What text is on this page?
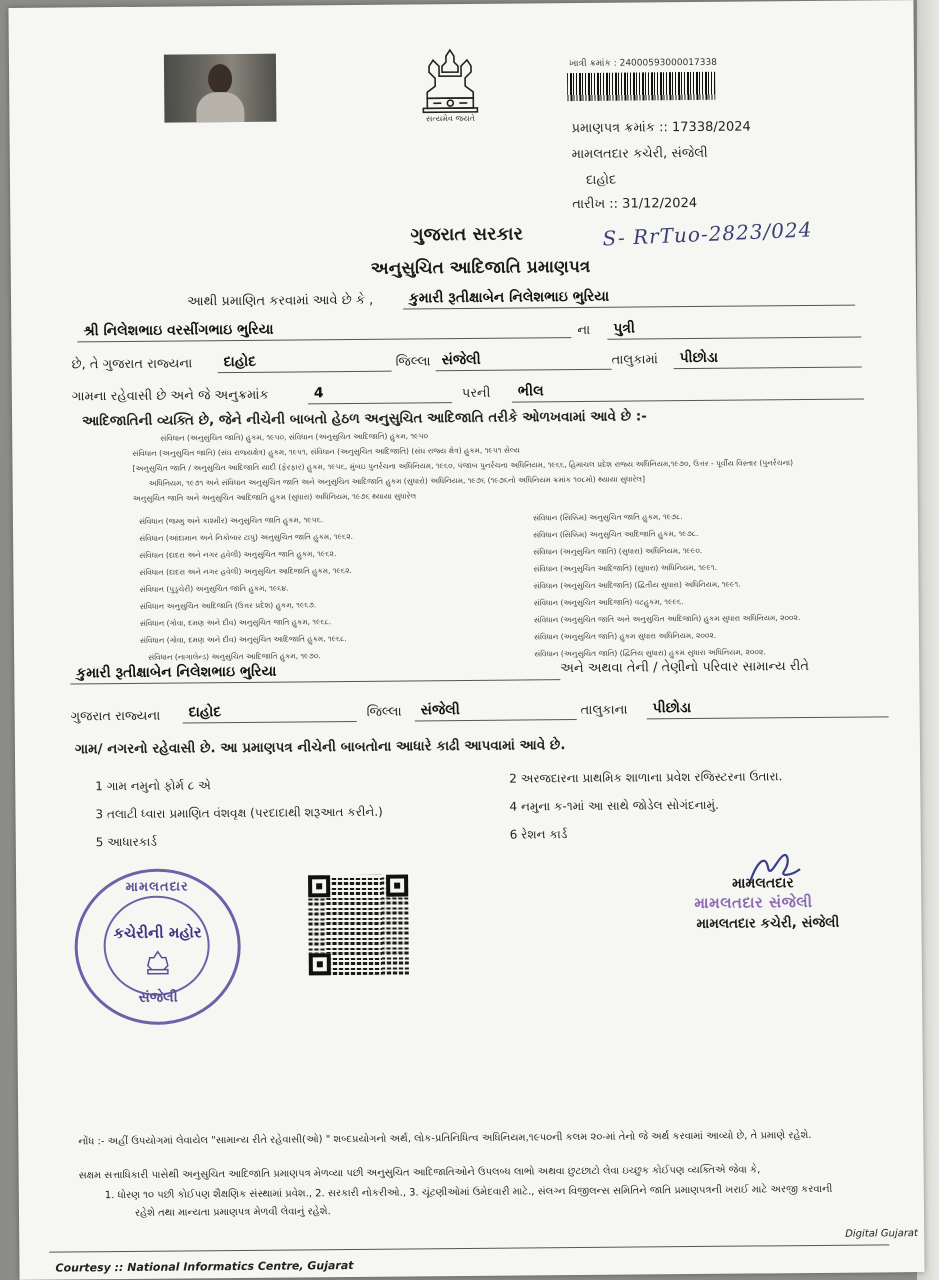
સત્યમેવ જયતે
ખાત્રી ક્રમાંક : 24000593000017338
પ્રમાણપત્ર ક્રમાંક :: 17338/2024
મામલતદાર કચેરી, સંજેલી
દાહોદ
તારીખ :: 31/12/2024
S- RrTuo-2823/024
ગુજરાત સરકાર
અનુસુચિત આદિજાતિ પ્રમાણપત્ર
આથી પ્રમાણિત કરવામાં આવે છે કે ,	કુમારી રૂતીક્ષાબેન નિલેશભાઇ ભુરિયા
શ્રી નિલેશભાઇ વરસીંગભાઇ ભુરિયા	ના	પુત્રી
છે, તે ગુજરાત રાજ્યના	દાહોદ	જિલ્લા સંજેલી	તાલુકામાં	પીછોડા
ગામના રહેવાસી છે અને જે અનુક્રમાંક	4	પરની	ભીલ
આદિજાતિની વ્યક્તિ છે, જેને નીચેની બાબતો હેઠળ અનુસુચિત આદિજાતિ તરીકે ઓળખવામાં આવે છે :-
સંવિધાન (અનુસુચિત જાતિ) હુકમ, ૧૯૫૦, સંવિધાન (અનુસુચિત આદિજાતિ) હુકમ, ૧૯૫૦
સંવિધાન (અનુસુચિત જાતિ) (સંઘ રાજ્યક્ષેત્ર) હુકમ, ૧૯૫૧, સંવિધાન (અનુસુચિત આદિજાતિ) (સંઘ રાજ્ય ક્ષેત્ર) હુકમ, ૧૯૫૧ સેલ્ય
[અનુસુચિત જાતિ / અનુસુચિત આદિજાતિ યાદી (ફેરફાર) હુકમ, ૧૯૫૬, મુંબઇ પુનર્રચના અધિનિયમ, ૧૯૬૦, પંજાબ પુનર્રચના અધિનિયમ, ૧૯૬૬, હિમાચલ પ્રદેશ રાજ્ય અધિનિયમ,૧૯૭૦, ઉત્તર - પૂર્વીય વિસ્તાર (પુનર્રચના)
અધિનિયમ, ૧૯૭૧ અને સંવિધાન અનુસુચિત જાતિ અને અનુસુચિત આદિજાતિ હુકમ (સુધારો) અધિનિયમ, ૧૯૭૬ (૧૯૭૬નો અધિનિયમ ક્રમાંક ૧૦૮મો) થ્યાયા સુધારેલ]
અનુસુચિત જાતિ અને અનુસુચિત આદિજાતિ હુકમ (સુધારા) અધિનિયમ, ૧૯૭૬ થ્યાયા સુધારેલ
સંવિધાન (જમ્મુ અને કાશ્મીર) અનુસુચિત જાતિ હુકમ, ૧૯૫૬.
સંવિધાન (આંદામાન અને નિકોબાર ટાપુ) અનુસુચિત જાતિ હુકમ, ૧૯૬૨.
સંવિધાન (દાદરા અને નગર હવેલી) અનુસુચિત જાતિ હુકમ, ૧૯૬૨.
સંવિધાન (દાદરા અને નગર હવેલી) અનુસુચિત આદિજાતિ હુકમ, ૧૯૬૨.
સંવિધાન (પુડુચેરી) અનુસુચિત જાતિ હુકમ, ૧૯૬૪.
સંવિધાન અનુસુચિત આદિજાતિ (ઉત્તર પ્રદેશ) હુકમ, ૧૯૬૭.
સંવિધાન (ગોવા, દમણ અને દીવ) અનુસુચિત જાતિ હુકમ, ૧૯૬૮.
સંવિધાન (ગોવા, દમણ અને દીવ) અનુસુચિત આદિજાતિ હુકમ, ૧૯૬૮.
સંવિધાન (નાગાલેન્ડ) અનુસુચિત આદિજાતિ હુકમ, ૧૯૭૦.
સંવિધાન (સિક્કિમ) અનુસુચિત જાતિ હુકમ, ૧૯૭૮.
સંવિધાન (સિક્કિમ) અનુસુચિત આદિજાતિ હુકમ, ૧૯૭૮.
સંવિધાન (અનુસુચિત જાતિ) (સુધારા) અધિનિયમ, ૧૯૯૦.
સંવિધાન (અનુસુચિત આદિજાતિ) (સુધારા) અધિનિયમ, ૧૯૯૧.
સંવિધાન (અનુસુચિત આદિજાતિ) (દ્વિતીય સુધારા) અધિનિયમ, ૧૯૯૧.
સંવિધાન (અનુસુચિત આદિજાતિ) વટહુકમ, ૧૯૯૬.
સંવિધાન (અનુસુચિત જાતિ અને અનુસુચિત આદિજાતિ) હુકમ સુધારા અધિનિયમ, ૨૦૦૨.
સંવિધાન (અનુસુચિત જાતિ) હુકમ સુધારા અધિનિયમ, ૨૦૦૨.
સંવિધાન (અનુસુચિત જાતિ) (દ્વિતિય સુધારા) હુકમ સુધારા અધિનિયમ, ૨૦૦૨.
કુમારી રૂતીક્ષાબેન નિલેશભાઇ ભુરિયા	અને અથવા તેની / તેણીનો પરિવાર સામાન્ય રીતે
ગુજરાત રાજ્યના	દાહોદ	જિલ્લા	સંજેલી	તાલુકાના	પીછોડા
ગામ/ નગરનો રહેવાસી છે. આ પ્રમાણપત્ર નીચેની બાબતોના આધારે કાઢી આપવામાં આવે છે.
1 ગામ નમુનો ફોર્મ ૮ એ
2 અરજદારના પ્રાથમિક શાળાના પ્રવેશ રજિસ્ટરના ઉતારા.
3 તલાટી ધ્વારા પ્રમાણિત વંશવૃક્ષ (પરદાદાથી શરૂઆત કરીને.)	4 નમુના ક-૧માં આ સાથે જોડેલ સોગંદનામું.
5 આધારકાર્ડ
6 રેશન કાર્ડ
મામલતદાર
કચેરીની મહોર
સંજેલી
મામલતદાર
મામલતદાર સંજેલી
મામલતદાર કચેરી, સંજેલી
નોંધ :- અહીં ઉપયોગમાં લેવાયેલ "સામાન્ય રીતે રહેવાસી(ઓ) " શબ્દપ્રયોગનો અર્થ, લોક-પ્રતિનિધિત્વ અધિનિયમ,૧૯૫૦ની કલમ ૨૦-માં તેનો જે અર્થ કરવામાં આવ્યો છે, તે પ્રમાણે રહેશે.
સક્ષમ સત્તાધિકારી પાસેથી અનુસુચિત આદિજાતિ પ્રમાણપત્ર મેળવ્યા પછી અનુસુચિત આદિજાતિઓને ઉપલબ્ધ લાભો અથવા છુટછાટો લેવા ઇચ્છુક કોઈપણ વ્યક્તિએ જેવા કે,
1. ધોરણ ૧૦ પછી કોઈપણ શૈક્ષણિક સંસ્થામાં પ્રવેશ., 2. સરકારી નોકરીઓ., 3. ચૂંટણીઓમાં ઉમેદવારી માટે., સંલગ્ન વિજીલન્સ સમિતિને જાતિ પ્રમાણપત્રની ખરાઈ માટે અરજી કરવાની
રહેશે તથા માન્યતા પ્રમાણપત્ર મેળવી લેવાનું રહેશે.
Digital Gujarat
Courtesy :: National Informatics Centre, Gujarat
